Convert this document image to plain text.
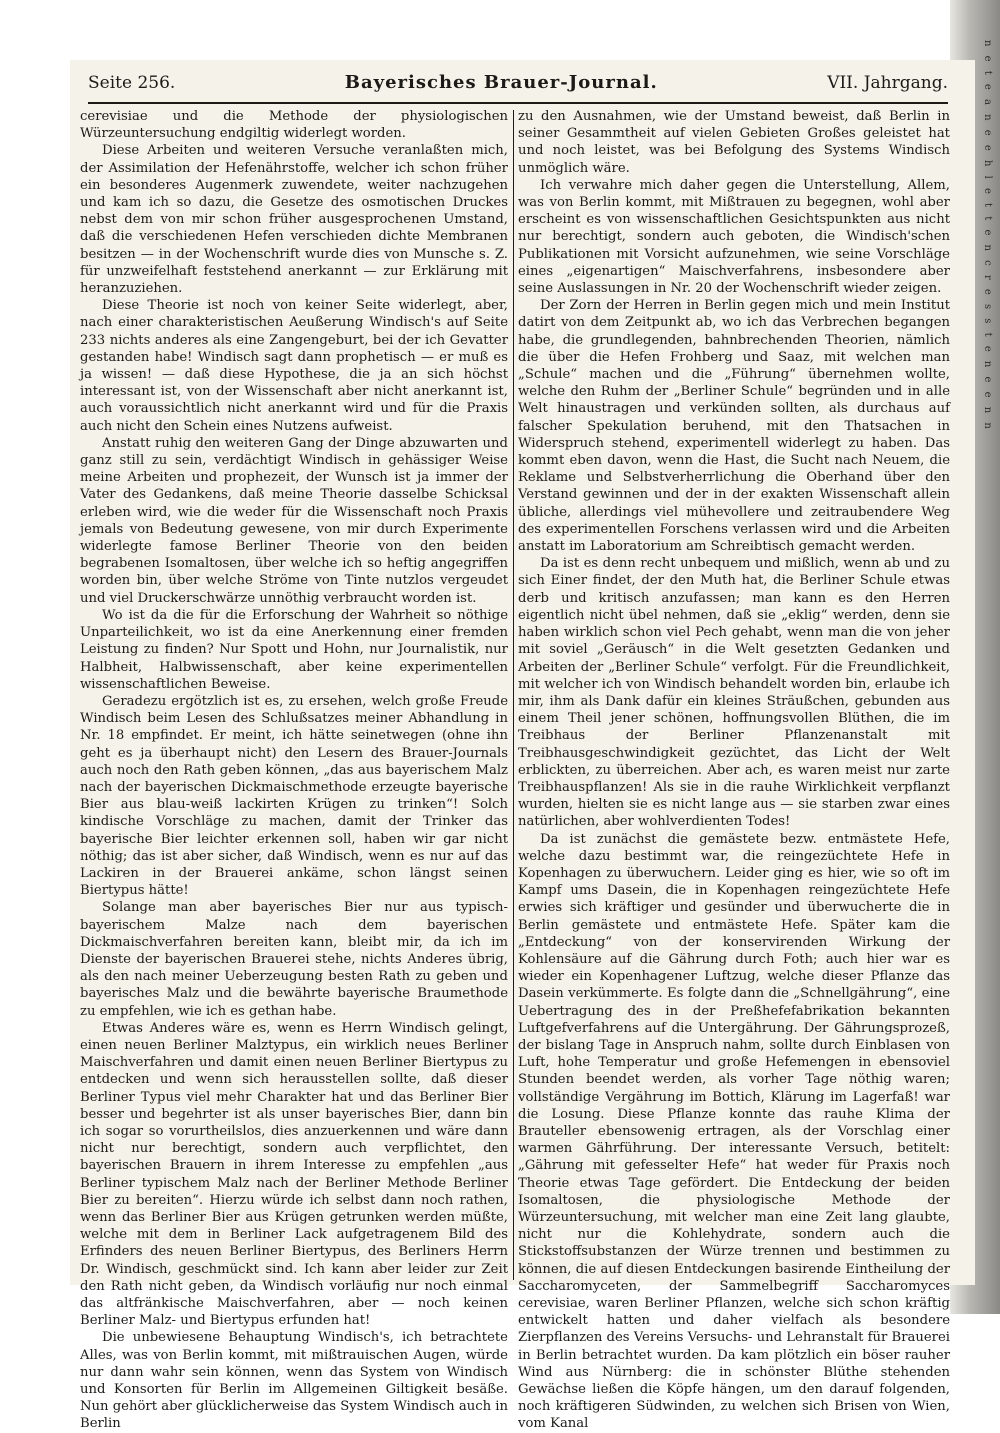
n e t e a n e e h l e t t e n c r e s s t e n e e n n
Seite 256.	Bayerisches Brauer-Journal.	VII. Jahrgang.

cerevisiae und die Methode der physiologischen Würzeuntersuchung endgiltig widerlegt worden.

Diese Arbeiten und weiteren Versuche veranlaßten mich, der Assimilation der Hefenährstoffe, welcher ich schon früher ein besonderes Augenmerk zuwendete, weiter nachzugehen und kam ich so dazu, die Gesetze des osmotischen Druckes nebst dem von mir schon früher ausgesprochenen Umstand, daß die verschiedenen Hefen verschieden dichte Membranen besitzen — in der Wochenschrift wurde dies von Munsche s. Z. für unzweifelhaft feststehend anerkannt — zur Erklärung mit heranzuziehen.

Diese Theorie ist noch von keiner Seite widerlegt, aber, nach einer charakteristischen Aeußerung Windisch's auf Seite 233 nichts anderes als eine Zangengeburt, bei der ich Gevatter gestanden habe! Windisch sagt dann prophetisch — er muß es ja wissen! — daß diese Hypothese, die ja an sich höchst interessant ist, von der Wissenschaft aber nicht anerkannt ist, auch voraussichtlich nicht anerkannt wird und für die Praxis auch nicht den Schein eines Nutzens aufweist.

Anstatt ruhig den weiteren Gang der Dinge abzuwarten und ganz still zu sein, verdächtigt Windisch in gehässiger Weise meine Arbeiten und prophezeit, der Wunsch ist ja immer der Vater des Gedankens, daß meine Theorie dasselbe Schicksal erleben wird, wie die weder für die Wissenschaft noch Praxis jemals von Bedeutung gewesene, von mir durch Experimente widerlegte famose Berliner Theorie von den beiden begrabenen Isomaltosen, über welche ich so heftig angegriffen worden bin, über welche Ströme von Tinte nutzlos vergeudet und viel Druckerschwärze unnöthig verbraucht worden ist.

Wo ist da die für die Erforschung der Wahrheit so nöthige Unparteilichkeit, wo ist da eine Anerkennung einer fremden Leistung zu finden? Nur Spott und Hohn, nur Journalistik, nur Halbheit, Halbwissenschaft, aber keine experimentellen wissenschaftlichen Beweise.

Geradezu ergötzlich ist es, zu ersehen, welch große Freude Windisch beim Lesen des Schlußsatzes meiner Abhandlung in Nr. 18 empfindet. Er meint, ich hätte seinetwegen (ohne ihn geht es ja überhaupt nicht) den Lesern des Brauer-Journals auch noch den Rath geben können, „das aus bayerischem Malz nach der bayerischen Dickmaischmethode erzeugte bayerische Bier aus blau-weiß lackirten Krügen zu trinken“! Solch kindische Vorschläge zu machen, damit der Trinker das bayerische Bier leichter erkennen soll, haben wir gar nicht nöthig; das ist aber sicher, daß Windisch, wenn es nur auf das Lackiren in der Brauerei ankäme, schon längst seinen Biertypus hätte!

Solange man aber bayerisches Bier nur aus typisch-bayerischem Malze nach dem bayerischen Dickmaischverfahren bereiten kann, bleibt mir, da ich im Dienste der bayerischen Brauerei stehe, nichts Anderes übrig, als den nach meiner Ueberzeugung besten Rath zu geben und bayerisches Malz und die bewährte bayerische Braumethode zu empfehlen, wie ich es gethan habe.

Etwas Anderes wäre es, wenn es Herrn Windisch gelingt, einen neuen Berliner Malztypus, ein wirklich neues Berliner Maischverfahren und damit einen neuen Berliner Biertypus zu entdecken und wenn sich herausstellen sollte, daß dieser Berliner Typus viel mehr Charakter hat und das Berliner Bier besser und begehrter ist als unser bayerisches Bier, dann bin ich sogar so vorurtheilslos, dies anzuerkennen und wäre dann nicht nur berechtigt, sondern auch verpflichtet, den bayerischen Brauern in ihrem Interesse zu empfehlen „aus Berliner typischem Malz nach der Berliner Methode Berliner Bier zu bereiten“. Hierzu würde ich selbst dann noch rathen, wenn das Berliner Bier aus Krügen getrunken werden müßte, welche mit dem in Berliner Lack aufgetragenem Bild des Erfinders des neuen Berliner Biertypus, des Berliners Herrn Dr. Windisch, geschmückt sind. Ich kann aber leider zur Zeit den Rath nicht geben, da Windisch vorläufig nur noch einmal das altfränkische Maischverfahren, aber — noch keinen Berliner Malz- und Biertypus erfunden hat!

Die unbewiesene Behauptung Windisch's, ich betrachtete Alles, was von Berlin kommt, mit mißtrauischen Augen, würde nur dann wahr sein können, wenn das System von Windisch und Konsorten für Berlin im Allgemeinen Giltigkeit besäße. Nun gehört aber glücklicherweise das System Windisch auch in Berlin

zu den Ausnahmen, wie der Umstand beweist, daß Berlin in seiner Gesammtheit auf vielen Gebieten Großes geleistet hat und noch leistet, was bei Befolgung des Systems Windisch unmöglich wäre.

Ich verwahre mich daher gegen die Unterstellung, Allem, was von Berlin kommt, mit Mißtrauen zu begegnen, wohl aber erscheint es von wissenschaftlichen Gesichtspunkten aus nicht nur berechtigt, sondern auch geboten, die Windisch'schen Publikationen mit Vorsicht aufzunehmen, wie seine Vorschläge eines „eigenartigen“ Maischverfahrens, insbesondere aber seine Auslassungen in Nr. 20 der Wochenschrift wieder zeigen.

Der Zorn der Herren in Berlin gegen mich und mein Institut datirt von dem Zeitpunkt ab, wo ich das Verbrechen begangen habe, die grundlegenden, bahnbrechenden Theorien, nämlich die über die Hefen Frohberg und Saaz, mit welchen man „Schule“ machen und die „Führung“ übernehmen wollte, welche den Ruhm der „Berliner Schule“ begründen und in alle Welt hinaustragen und verkünden sollten, als durchaus auf falscher Spekulation beruhend, mit den Thatsachen in Widerspruch stehend, experimentell widerlegt zu haben. Das kommt eben davon, wenn die Hast, die Sucht nach Neuem, die Reklame und Selbstverherrlichung die Oberhand über den Verstand gewinnen und der in der exakten Wissenschaft allein übliche, allerdings viel mühevollere und zeitraubendere Weg des experimentellen Forschens verlassen wird und die Arbeiten anstatt im Laboratorium am Schreibtisch gemacht werden.

Da ist es denn recht unbequem und mißlich, wenn ab und zu sich Einer findet, der den Muth hat, die Berliner Schule etwas derb und kritisch anzufassen; man kann es den Herren eigentlich nicht übel nehmen, daß sie „eklig“ werden, denn sie haben wirklich schon viel Pech gehabt, wenn man die von jeher mit soviel „Geräusch“ in die Welt gesetzten Gedanken und Arbeiten der „Berliner Schule“ verfolgt. Für die Freundlichkeit, mit welcher ich von Windisch behandelt worden bin, erlaube ich mir, ihm als Dank dafür ein kleines Sträußchen, gebunden aus einem Theil jener schönen, hoffnungsvollen Blüthen, die im Treibhaus der Berliner Pflanzenanstalt mit Treibhausgeschwindigkeit gezüchtet, das Licht der Welt erblickten, zu überreichen. Aber ach, es waren meist nur zarte Treibhauspflanzen! Als sie in die rauhe Wirklichkeit verpflanzt wurden, hielten sie es nicht lange aus — sie starben zwar eines natürlichen, aber wohlverdienten Todes!

Da ist zunächst die gemästete bezw. entmästete Hefe, welche dazu bestimmt war, die reingezüchtete Hefe in Kopenhagen zu überwuchern. Leider ging es hier, wie so oft im Kampf ums Dasein, die in Kopenhagen reingezüchtete Hefe erwies sich kräftiger und gesünder und überwucherte die in Berlin gemästete und entmästete Hefe. Später kam die „Entdeckung“ von der konservirenden Wirkung der Kohlensäure auf die Gährung durch Foth; auch hier war es wieder ein Kopenhagener Luftzug, welche dieser Pflanze das Dasein verkümmerte. Es folgte dann die „Schnellgährung“, eine Uebertragung des in der Preßhefefabrikation bekannten Luftgefverfahrens auf die Untergährung. Der Gährungsprozeß, der bislang Tage in Anspruch nahm, sollte durch Einblasen von Luft, hohe Temperatur und große Hefemengen in ebensoviel Stunden beendet werden, als vorher Tage nöthig waren; vollständige Vergährung im Bottich, Klärung im Lagerfaß! war die Losung. Diese Pflanze konnte das rauhe Klima der Brauteller ebensowenig ertragen, als der Vorschlag einer warmen Gährführung. Der interessante Versuch, betitelt: „Gährung mit gefesselter Hefe“ hat weder für Praxis noch Theorie etwas Tage gefördert. Die Entdeckung der beiden Isomaltosen, die physiologische Methode der Würzeuntersuchung, mit welcher man eine Zeit lang glaubte, nicht nur die Kohlehydrate, sondern auch die Stickstoffsubstanzen der Würze trennen und bestimmen zu können, die auf diesen Entdeckungen basirende Eintheilung der Saccharomyceten, der Sammelbegriff Saccharomyces cerevisiae, waren Berliner Pflanzen, welche sich schon kräftig entwickelt hatten und daher vielfach als besondere Zierpflanzen des Vereins Versuchs- und Lehranstalt für Brauerei in Berlin betrachtet wurden. Da kam plötzlich ein böser rauher Wind aus Nürnberg: die in schönster Blüthe stehenden Gewächse ließen die Köpfe hängen, um den darauf folgenden, noch kräftigeren Südwinden, zu welchen sich Brisen von Wien, vom Kanal
